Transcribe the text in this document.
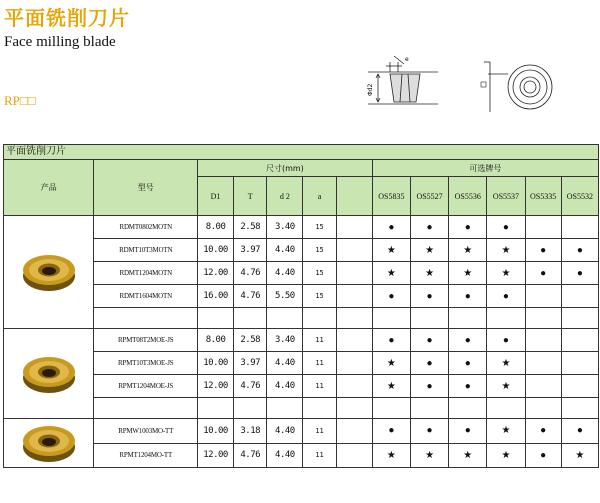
平面铣削刀片
Face milling blade
RP□□
Φd2
e
平面铣削刀片
产品	型号	尺寸(mm)					可选牌号					
		D1	T	d 2	a		OS5835	OS5527	OS5536	OS5537	OS5335	OS5532
	RDMT0802MOTN	8.00	2.58	3.40	15		●	●	●	●		
	RDMT10T3MOTN	10.00	3.97	4.40	15		★	★	★	★	●	●
	RDMT1204MOTN	12.00	4.76	4.40	15		★	★	★	★	●	●
	RDMT1604MOTN	16.00	4.76	5.50	15		●	●	●	●		

	RPMT08T2MOE-JS	8.00	2.58	3.40	11		●	●	●	●		
	RPMT10T3MOE-JS	10.00	3.97	4.40	11		★	●	●	★		
	RPMT1204MOE-JS	12.00	4.76	4.40	11		★	●	●	★		

	RPMW1003MO-TT	10.00	3.18	4.40	11		●	●	●	★	●	●
	RPMT1204MO-TT	12.00	4.76	4.40	11		★	★	★	★	●	★
